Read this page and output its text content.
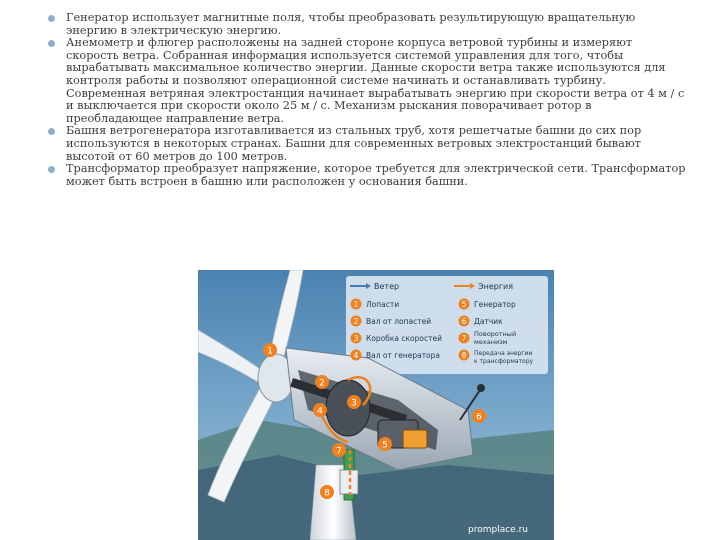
Генератор использует магнитные поля, чтобы преобразовать результирующую вращательную энергию в электрическую энергию.
Анемометр и флюгер расположены на задней стороне корпуса ветровой турбины и измеряют скорость ветра. Собранная информация используется системой управления для того, чтобы вырабатывать максимальное количество энергии. Данные скорости ветра также используются для контроля работы и позволяют операционной системе начинать и останавливать турбину. Современная ветряная электростанция начинает вырабатывать энергию при скорости ветра от 4 м / с и выключается при скорости около 25 м / с. Механизм рыскания поворачивает ротор в преобладающее направление ветра.
Башня ветрогенератора изготавливается из стальных труб, хотя решетчатые башни до сих пор используются в некоторых странах. Башни для современных ветровых электростанций бывают высотой от 60 метров до 100 метров.
Трансформатор преобразует напряжение, которое требуется для электрической сети. Трансформатор может быть встроен в башню или расположен у основания башни.
1
2
3
4
5
6
7
8
Ветер	Энергия
1 Лопасти
2 Вал от лопастей
3 Коробка скоростей
4 Вал от генератора
5 Генератор
6 Датчик
7 Поворотный
механизм
8 Передача энергии
к трансформатору
promplace.ru
